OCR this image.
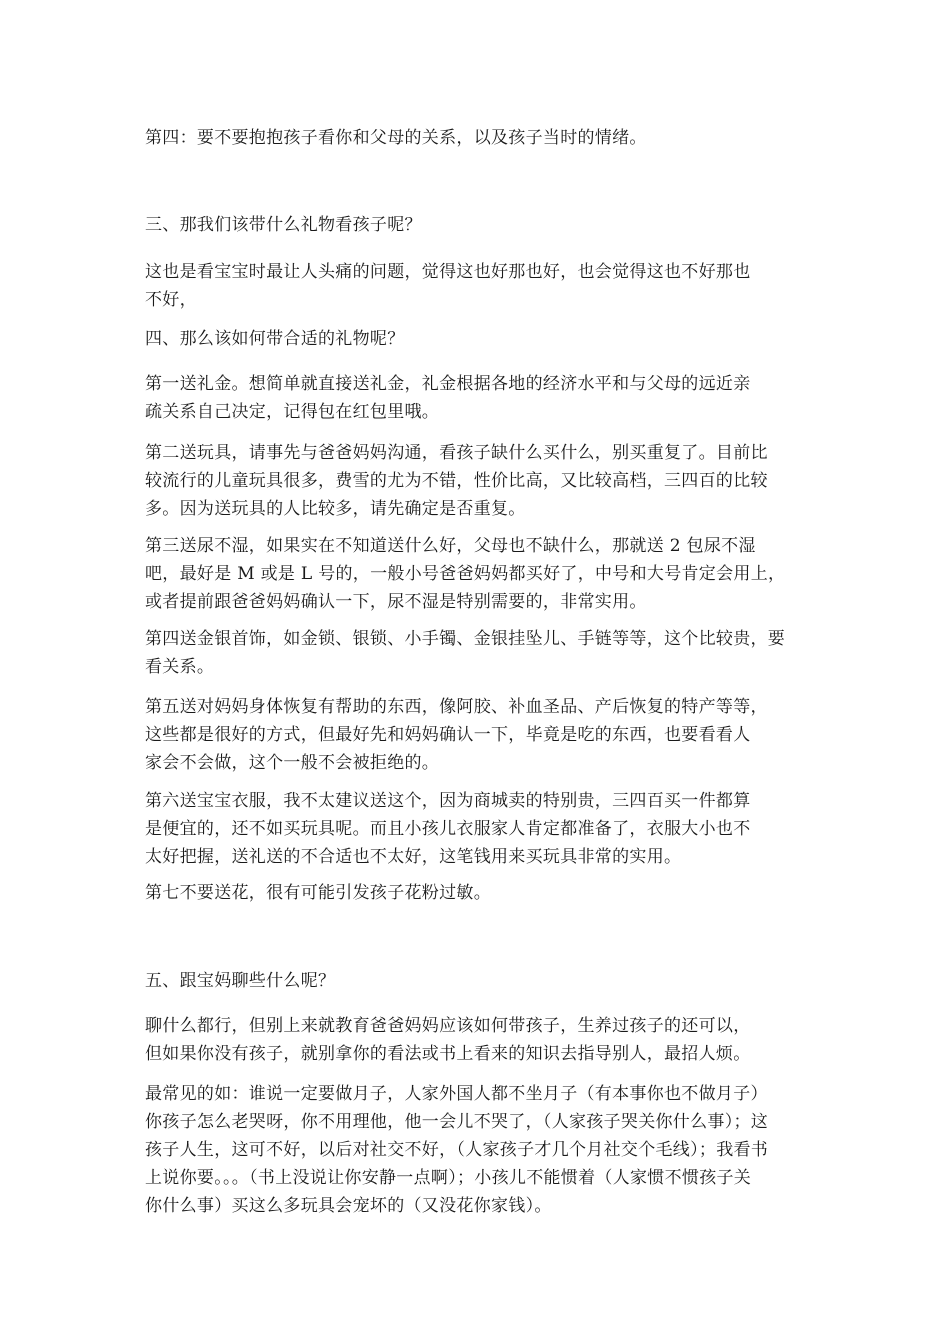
第四：要不要抱抱孩子看你和父母的关系，以及孩子当时的情绪。
三、那我们该带什么礼物看孩子呢？
这也是看宝宝时最让人头痛的问题，觉得这也好那也好，也会觉得这也不好那也
不好，
四、那么该如何带合适的礼物呢？
第一送礼金。想简单就直接送礼金，礼金根据各地的经济水平和与父母的远近亲
疏关系自己决定，记得包在红包里哦。
第二送玩具，请事先与爸爸妈妈沟通，看孩子缺什么买什么，别买重复了。目前比
较流行的儿童玩具很多，费雪的尤为不错，性价比高，又比较高档，三四百的比较
多。因为送玩具的人比较多，请先确定是否重复。
第三送尿不湿，如果实在不知道送什么好，父母也不缺什么，那就送 2 包尿不湿
吧，最好是 M 或是 L 号的，一般小号爸爸妈妈都买好了，中号和大号肯定会用上，
或者提前跟爸爸妈妈确认一下，尿不湿是特别需要的，非常实用。
第四送金银首饰，如金锁、银锁、小手镯、金银挂坠儿、手链等等，这个比较贵，要
看关系。
第五送对妈妈身体恢复有帮助的东西，像阿胶、补血圣品、产后恢复的特产等等，
这些都是很好的方式，但最好先和妈妈确认一下，毕竟是吃的东西，也要看看人
家会不会做，这个一般不会被拒绝的。
第六送宝宝衣服，我不太建议送这个，因为商城卖的特别贵，三四百买一件都算
是便宜的，还不如买玩具呢。而且小孩儿衣服家人肯定都准备了，衣服大小也不
太好把握，送礼送的不合适也不太好，这笔钱用来买玩具非常的实用。
第七不要送花，很有可能引发孩子花粉过敏。
五、跟宝妈聊些什么呢？
聊什么都行，但别上来就教育爸爸妈妈应该如何带孩子，生养过孩子的还可以，
但如果你没有孩子，就别拿你的看法或书上看来的知识去指导别人，最招人烦。
最常见的如：谁说一定要做月子，人家外国人都不坐月子（有本事你也不做月子）
你孩子怎么老哭呀，你不用理他，他一会儿不哭了，（人家孩子哭关你什么事）；这
孩子人生，这可不好，以后对社交不好，（人家孩子才几个月社交个毛线）；我看书
上说你要。。。（书上没说让你安静一点啊）；小孩儿不能惯着（人家惯不惯孩子关
你什么事）买这么多玩具会宠坏的（又没花你家钱）。
